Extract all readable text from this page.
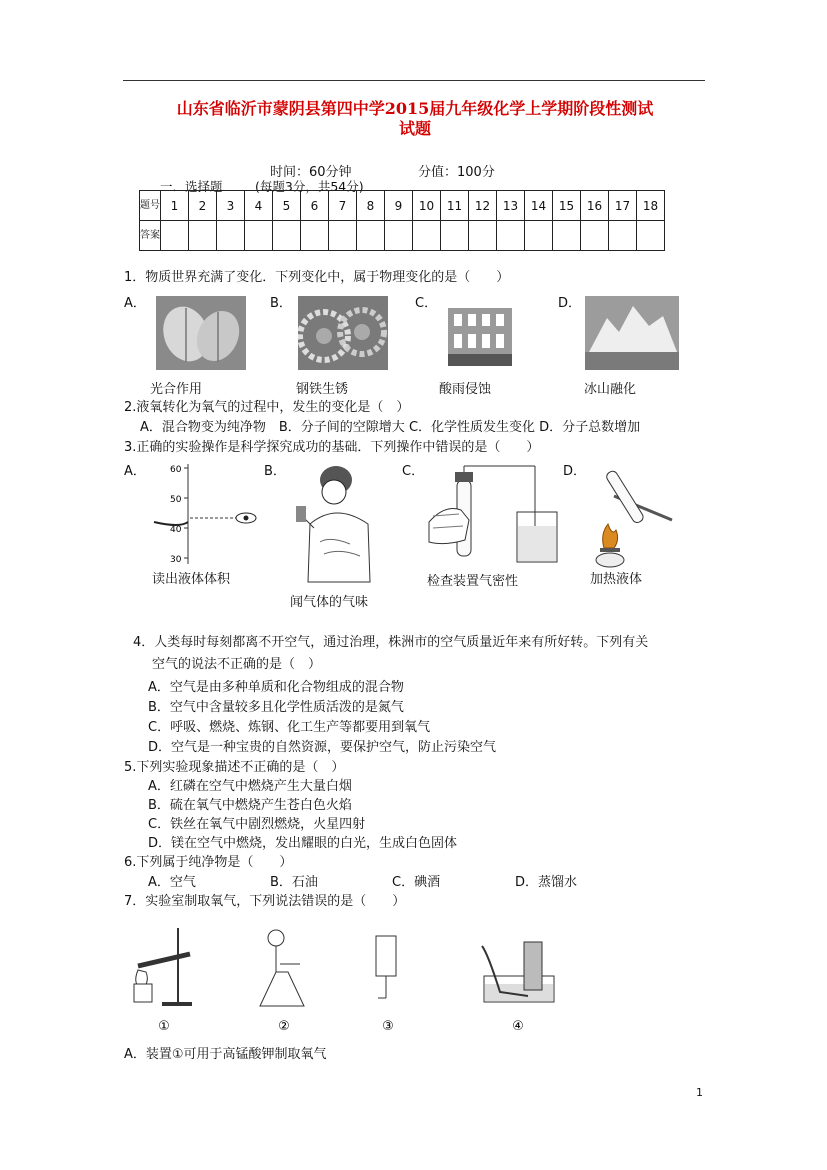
山东省临沂市蒙阴县第四中学2015届九年级化学上学期阶段性测试
试题
时间：60分钟	分值：100分
一．选择题	(每题3分，共54分)
题号	1	2	3	4	5	6	7	8	9	10	11	12	13	14	15	16	17	18
答案																		
1．物质世界充满了变化．下列变化中，属于物理变化的是（　　）
A．	B．	C．	D．
光合作用	钢铁生锈	酸雨侵蚀	冰山融化
2.液氧转化为氧气的过程中，发生的变化是（　）
A．混合物变为纯净物　B．分子间的空隙增大 C．化学性质发生变化 D．分子总数增加
3.正确的实验操作是科学探究成功的基础．下列操作中错误的是（　　）
A．	B．	C．	D．
60
50
40
30
读出液体体积
闻气体的气味
检查装置气密性	加热液体
4．人类每时每刻都离不开空气，通过治理，株洲市的空气质量近年来有所好转。下列有关
空气的说法不正确的是（　）
A．空气是由多种单质和化合物组成的混合物
B．空气中含量较多且化学性质活泼的是氮气
C．呼吸、燃烧、炼钢、化工生产等都要用到氧气
D．空气是一种宝贵的自然资源，要保护空气，防止污染空气
5.下列实验现象描述不正确的是（　）
A．红磷在空气中燃烧产生大量白烟
B．硫在氧气中燃烧产生苍白色火焰
C．铁丝在氧气中剧烈燃烧，火星四射
D．镁在空气中燃烧，发出耀眼的白光，生成白色固体
6.下列属于纯净物是（　　）
A．空气	B．石油	C．碘酒	D．蒸馏水
7．实验室制取氧气，下列说法错误的是（　　）
①	②	③	④
A．装置①可用于高锰酸钾制取氧气
1
